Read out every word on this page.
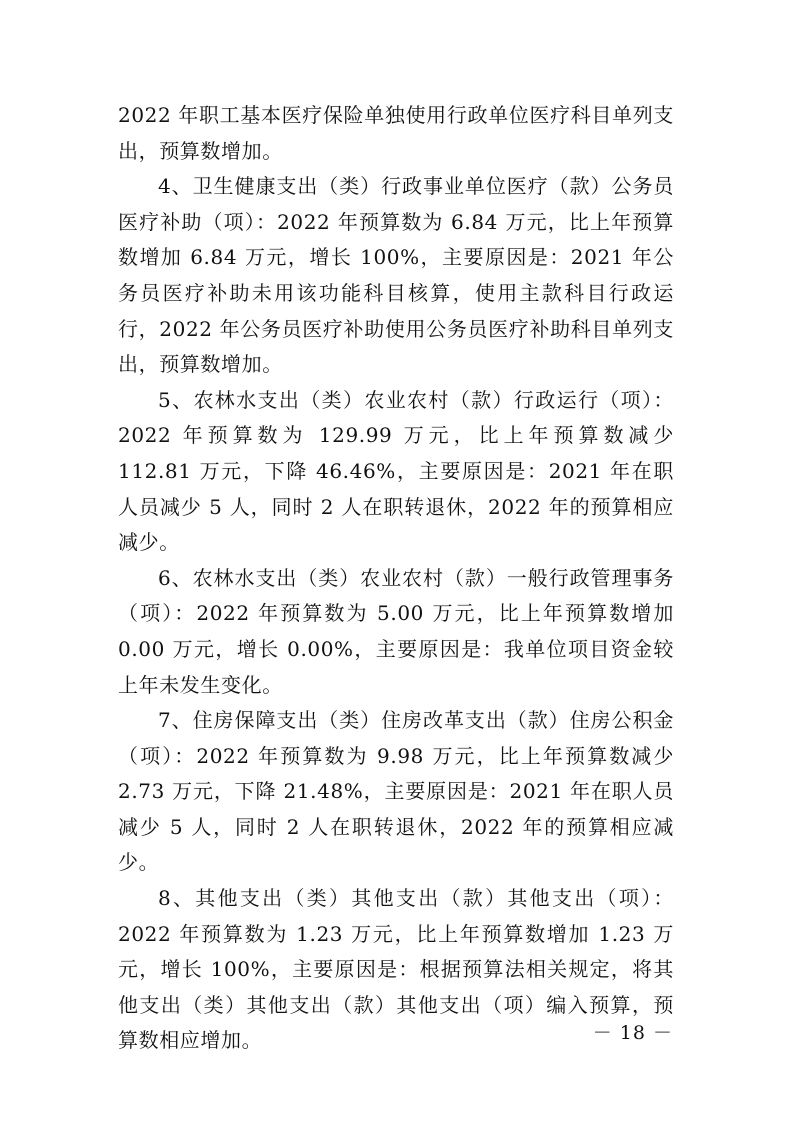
2022 年职工基本医疗保险单独使用行政单位医疗科目单列支出，预算数增加。

4、卫生健康支出（类）行政事业单位医疗（款）公务员医疗补助（项）：2022 年预算数为 6.84 万元，比上年预算数增加 6.84 万元，增长 100%，主要原因是：2021 年公务员医疗补助未用该功能科目核算，使用主款科目行政运行，2022 年公务员医疗补助使用公务员医疗补助科目单列支出，预算数增加。

5、农林水支出（类）农业农村（款）行政运行（项）：2022 年预算数为 129.99 万元，比上年预算数减少 112.81 万元，下降 46.46%，主要原因是：2021 年在职人员减少 5 人，同时 2 人在职转退休，2022 年的预算相应减少。

6、农林水支出（类）农业农村（款）一般行政管理事务（项）：2022 年预算数为 5.00 万元，比上年预算数增加 0.00 万元，增长 0.00%，主要原因是：我单位项目资金较上年未发生变化。

7、住房保障支出（类）住房改革支出（款）住房公积金（项）：2022 年预算数为 9.98 万元，比上年预算数减少 2.73 万元，下降 21.48%，主要原因是：2021 年在职人员减少 5 人，同时 2 人在职转退休，2022 年的预算相应减少。

8、其他支出（类）其他支出（款）其他支出（项）：2022 年预算数为 1.23 万元，比上年预算数增加 1.23 万元，增长 100%，主要原因是：根据预算法相关规定，将其他支出（类）其他支出（款）其他支出（项）编入预算，预算数相应增加。	－ 18 －
